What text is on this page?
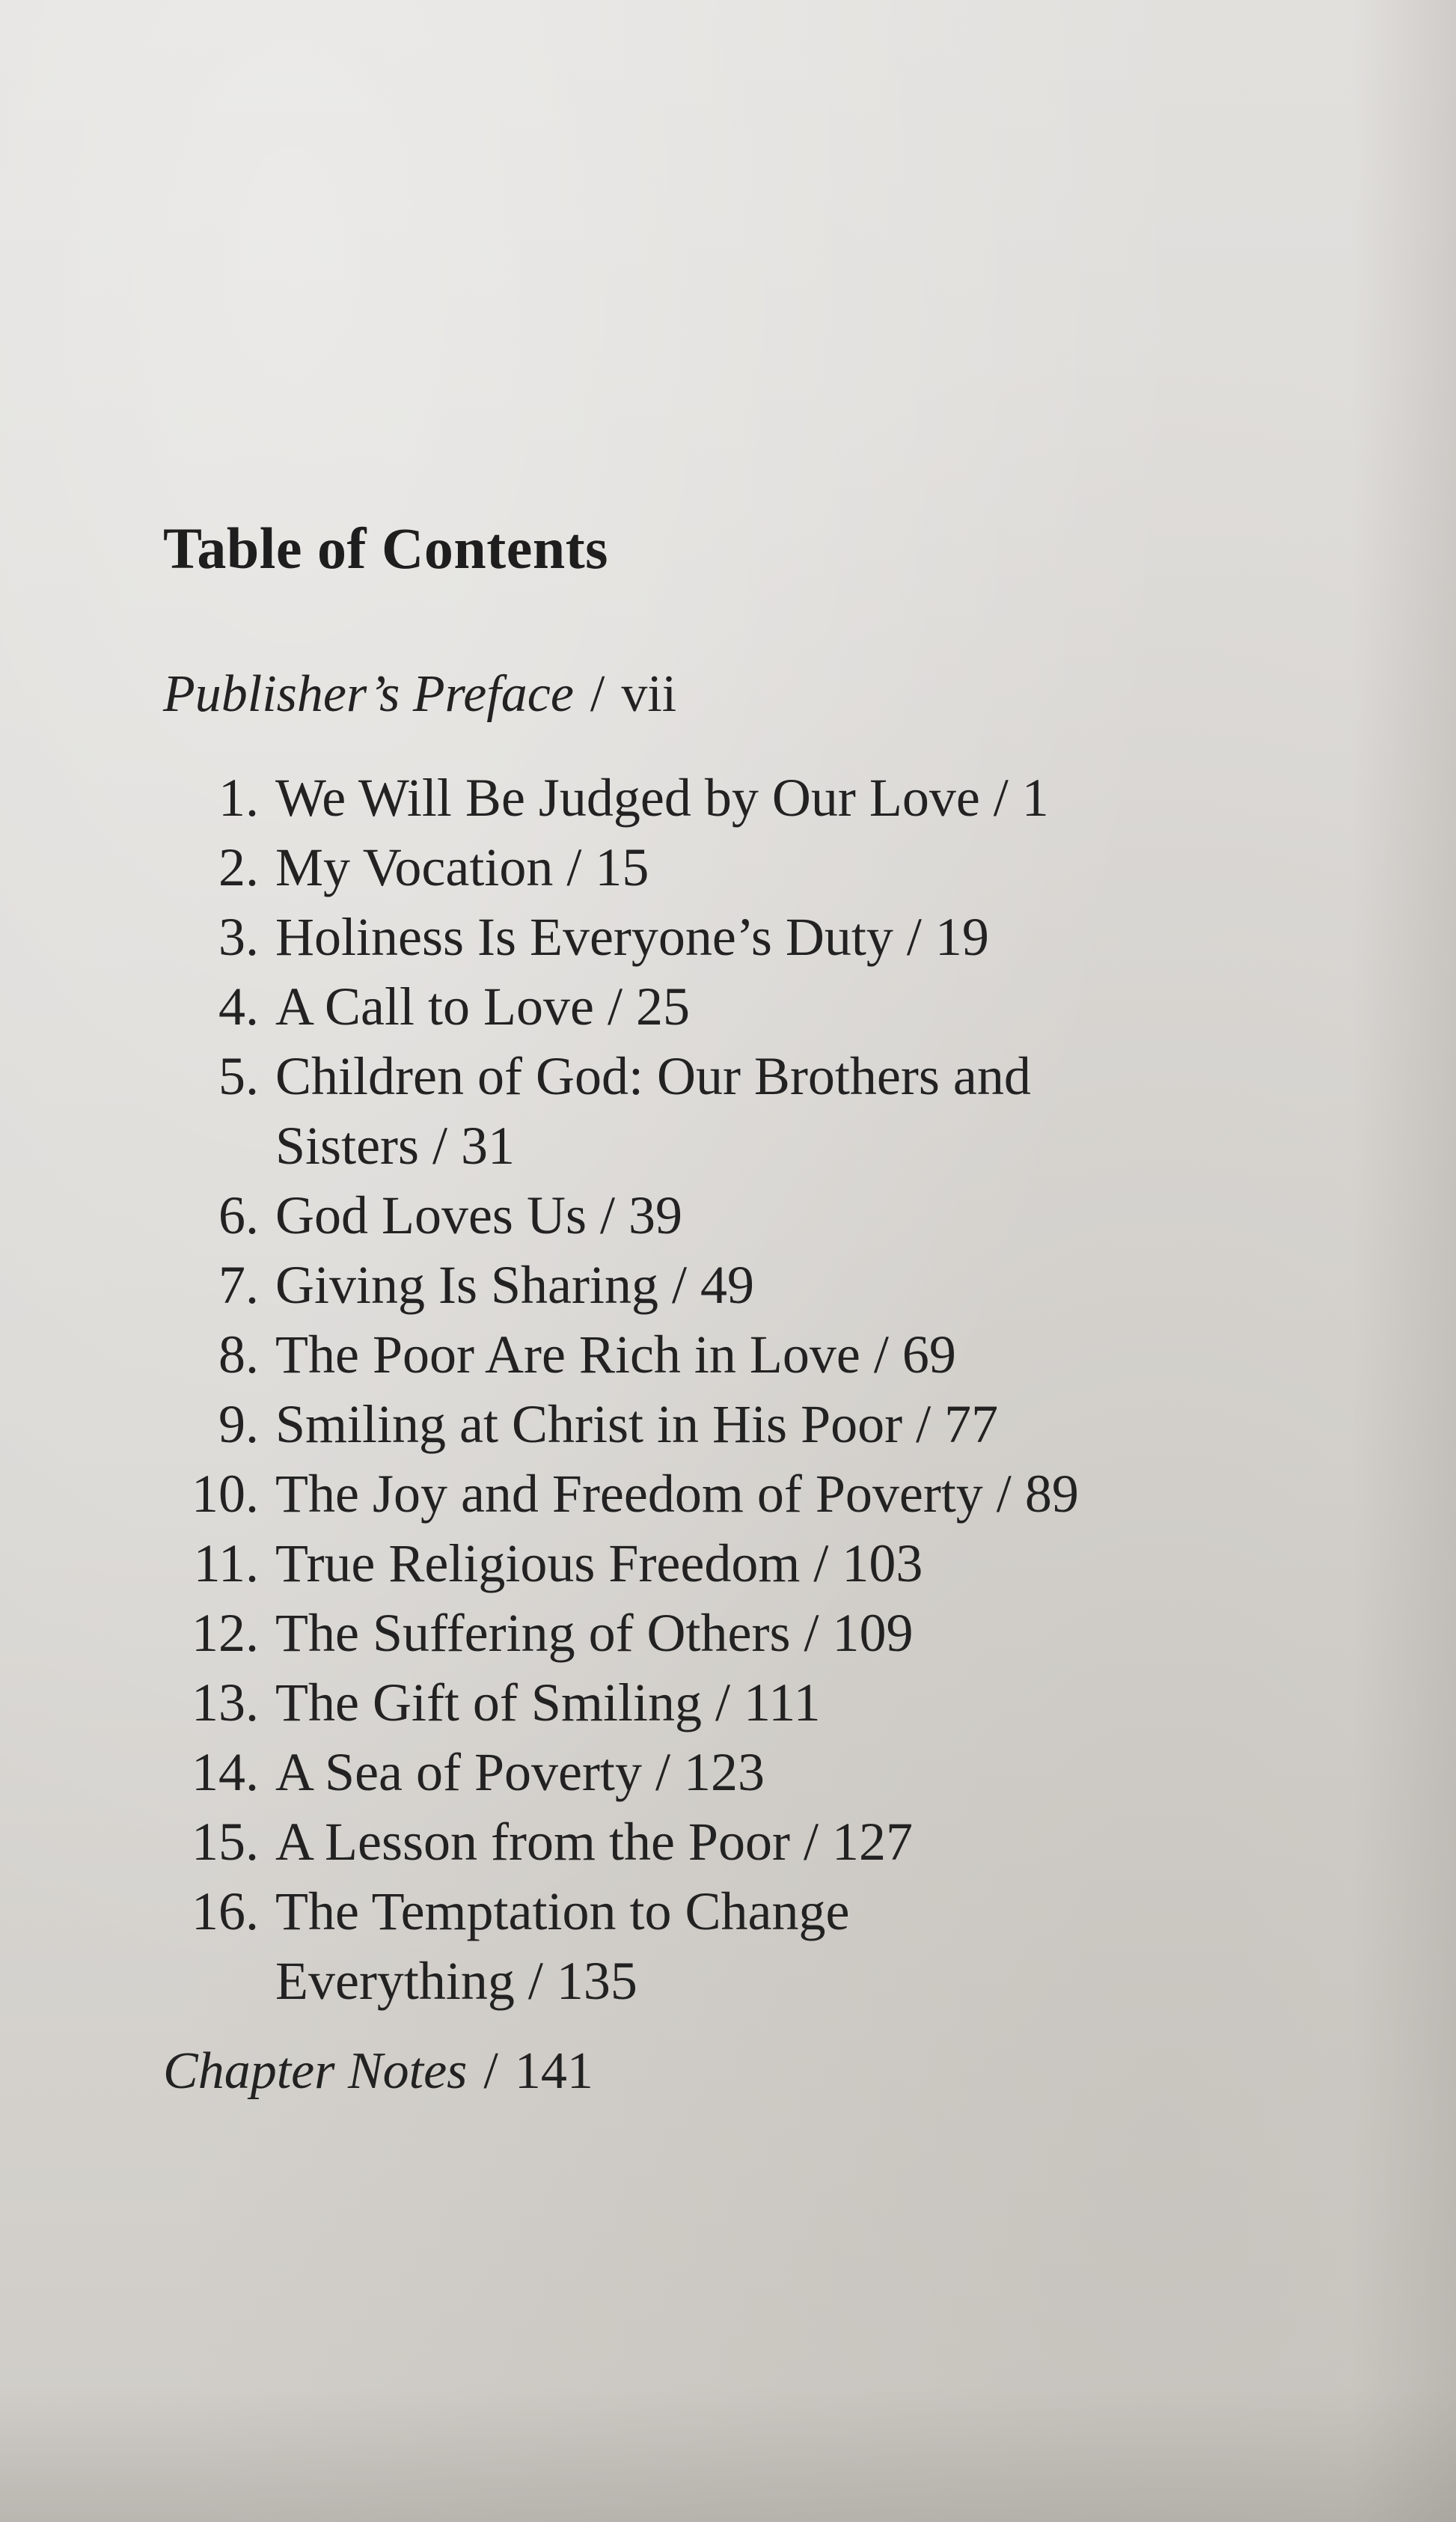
Table of Contents
Publisher’s Preface / vii
1. We Will Be Judged by Our Love / 1
2. My Vocation / 15
3. Holiness Is Everyone’s Duty / 19
4. A Call to Love / 25
5. Children of God: Our Brothers and
Sisters / 31
6. God Loves Us / 39
7. Giving Is Sharing / 49
8. The Poor Are Rich in Love / 69
9. Smiling at Christ in His Poor / 77
10. The Joy and Freedom of Poverty / 89
11. True Religious Freedom / 103
12. The Suffering of Others / 109
13. The Gift of Smiling / 111
14. A Sea of Poverty / 123
15. A Lesson from the Poor / 127
16. The Temptation to Change
Everything / 135
Chapter Notes / 141
